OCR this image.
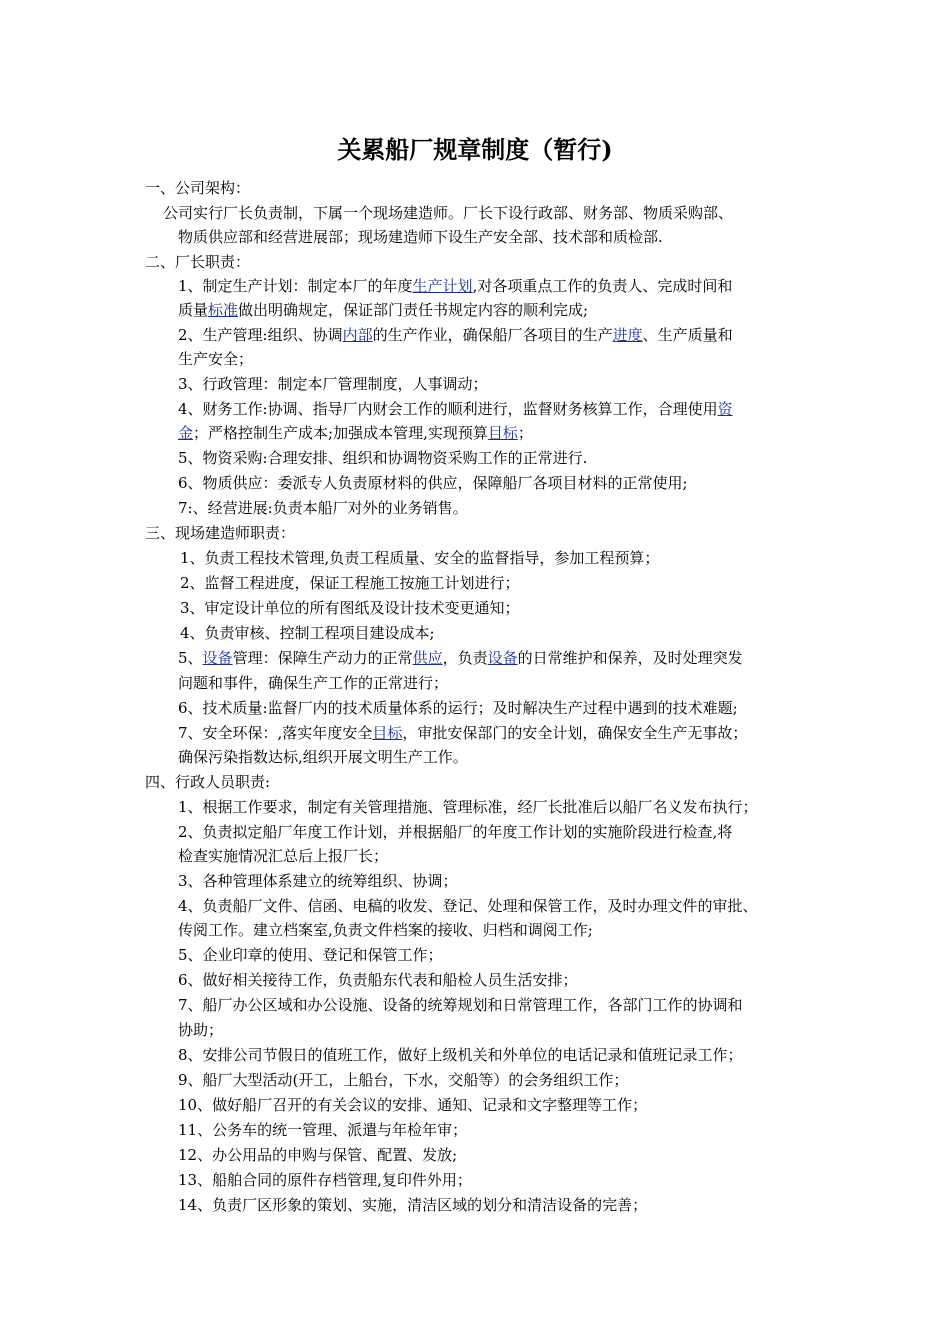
关累船厂规章制度（暂行)
一、公司架构：
公司实行厂长负责制，下属一个现场建造师。厂长下设行政部、财务部、物质采购部、
物质供应部和经营进展部；现场建造师下设生产安全部、技术部和质检部.
二、厂长职责：
1、制定生产计划：制定本厂的年度生产计划,对各项重点工作的负责人、完成时间和
质量标准做出明确规定，保证部门责任书规定内容的顺利完成;
2、生产管理:组织、协调内部的生产作业，确保船厂各项目的生产进度、生产质量和
生产安全；
3、行政管理：制定本厂管理制度，人事调动；
4、财务工作:协调、指导厂内财会工作的顺利进行，监督财务核算工作，合理使用资
金；严格控制生产成本;加强成本管理,实现预算目标；
5、物资采购:合理安排、组织和协调物资采购工作的正常进行.
6、物质供应：委派专人负责原材料的供应，保障船厂各项目材料的正常使用;
7:、经营进展:负责本船厂对外的业务销售。
三、现场建造师职责：
1、负责工程技术管理,负责工程质量、安全的监督指导，参加工程预算；
2、监督工程进度，保证工程施工按施工计划进行；
3、审定设计单位的所有图纸及设计技术变更通知；
4、负责审核、控制工程项目建设成本;
5、设备管理：保障生产动力的正常供应，负责设备的日常维护和保养，及时处理突发
问题和事件，确保生产工作的正常进行；
6、技术质量:监督厂内的技术质量体系的运行；及时解决生产过程中遇到的技术难题;
7、安全环保：,落实年度安全目标，审批安保部门的安全计划，确保安全生产无事故；
确保污染指数达标,组织开展文明生产工作。
四、行政人员职责:
1、根据工作要求，制定有关管理措施、管理标准，经厂长批准后以船厂名义发布执行；
2、负责拟定船厂年度工作计划，并根据船厂的年度工作计划的实施阶段进行检查,将
检查实施情况汇总后上报厂长；
3、各种管理体系建立的统筹组织、协调；
4、负责船厂文件、信函、电稿的收发、登记、处理和保管工作，及时办理文件的审批、
传阅工作。建立档案室,负责文件档案的接收、归档和调阅工作;
5、企业印章的使用、登记和保管工作；
6、做好相关接待工作，负责船东代表和船检人员生活安排；
7、船厂办公区域和办公设施、设备的统筹规划和日常管理工作，各部门工作的协调和
协助；
8、安排公司节假日的值班工作，做好上级机关和外单位的电话记录和值班记录工作；
9、船厂大型活动(开工，上船台，下水，交船等）的会务组织工作；
10、做好船厂召开的有关会议的安排、通知、记录和文字整理等工作；
11、公务车的统一管理、派遣与年检年审；
12、办公用品的申购与保管、配置、发放;
13、船舶合同的原件存档管理,复印件外用；
14、负责厂区形象的策划、实施，清洁区域的划分和清洁设备的完善；
